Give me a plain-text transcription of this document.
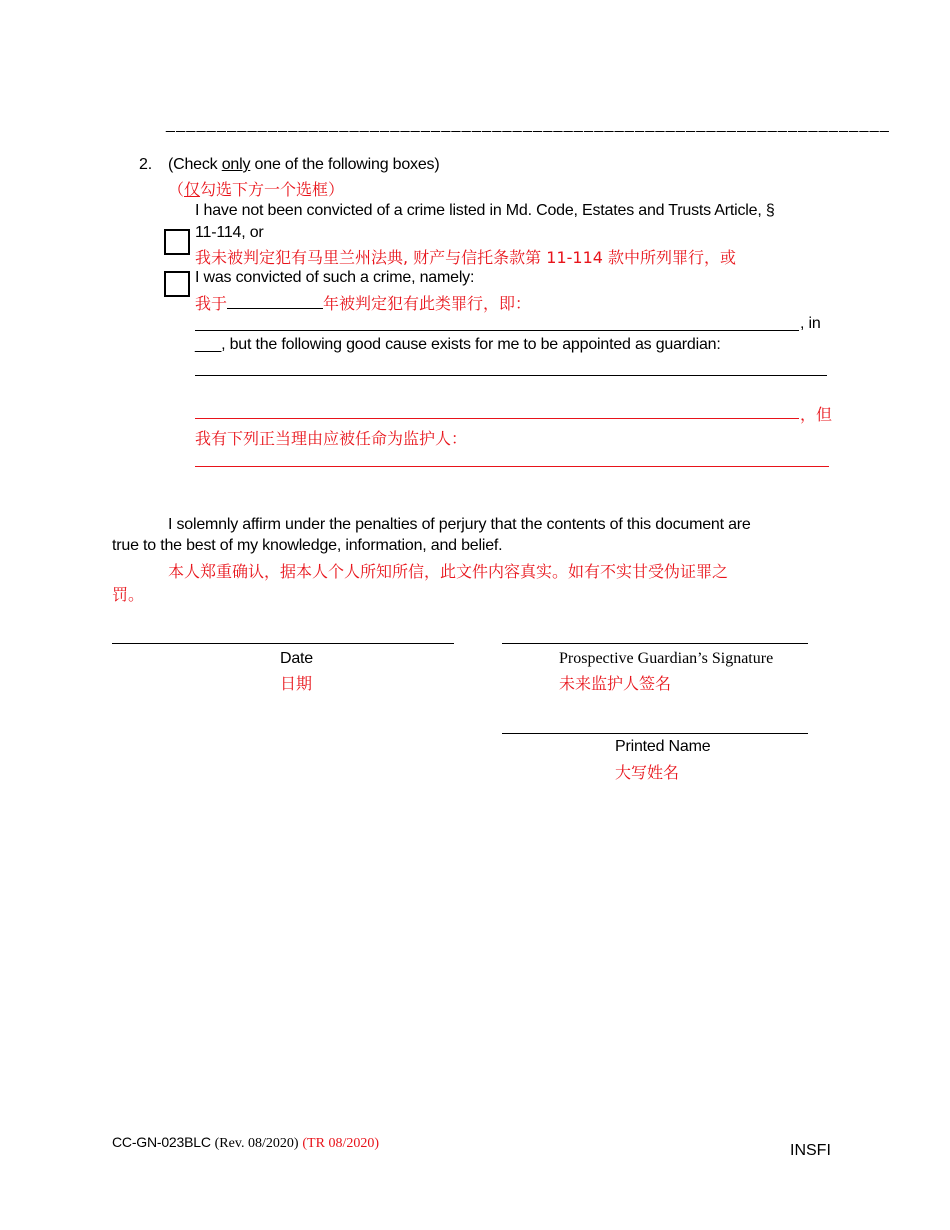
_______________________________________________________________________
2. (Check only one of the following boxes)
（仅勾选下方一个选框）
I have not been convicted of a crime listed in Md. Code, Estates and Trusts Article, §
11-114, or
我未被判定犯有马里兰州法典, 财产与信托条款第 11-114 款中所列罪行，或
I was convicted of such a crime, namely:
我于	年被判定犯有此类罪行，即：
, in
___, but the following good cause exists for me to be appointed as guardian:
，但
我有下列正当理由应被任命为监护人：
I solemnly affirm under the penalties of perjury that the contents of this document are
true to the best of my knowledge, information, and belief.
本人郑重确认，据本人个人所知所信，此文件内容真实。如有不实甘受伪证罪之
罚。
Date
日期
Prospective Guardian’s Signature
未来监护人签名
Printed Name
大写姓名
CC-GN-023BLC (Rev. 08/2020) (TR 08/2020)	INSFI
